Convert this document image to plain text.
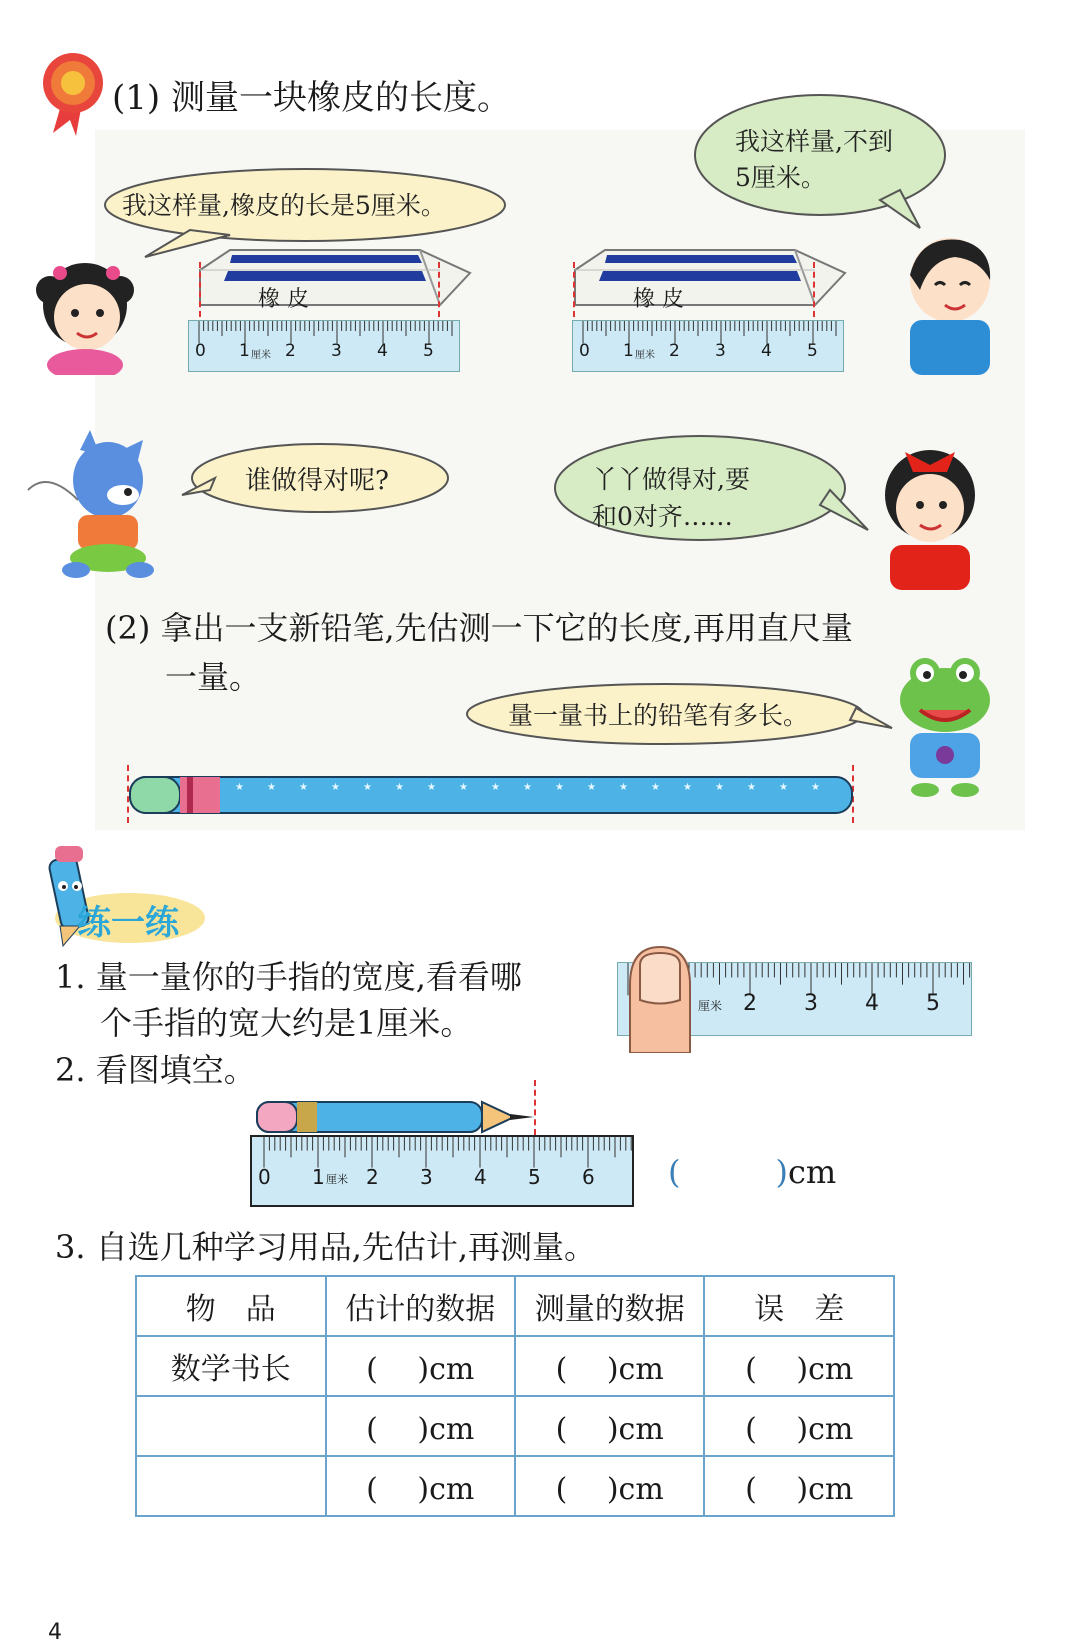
(1) 测量一块橡皮的长度。
我这样量,橡皮的长是5厘米。
我这样量,不到
5厘米。
橡 皮
0 1 厘米 2 3 4 5
橡 皮
0 1 厘米 2 3 4 5
谁做得对呢?	丫丫做得对,要
和0对齐……
(2) 拿出一支新铅笔,先估测一下它的长度,再用直尺量
一量。
量一量书上的铅笔有多长。
★ ★ ★ ★ ★ ★ ★ ★ ★ ★ ★ ★ ★ ★ ★ ★ ★ ★ ★
练一练
1. 量一量你的手指的宽度,看看哪
个手指的宽大约是1厘米。	厘米 2 3 4 5
2. 看图填空。
0 1 厘米 2 3 4 5 6 (	)cm
3. 自选几种学习用品,先估计,再测量。
物　品	估计的数据	测量的数据	误　差
数学书长	(　 )cm	(　 )cm	(　 )cm
	(　 )cm	(　 )cm	(　 )cm
	(　 )cm	(　 )cm	(　 )cm
4
